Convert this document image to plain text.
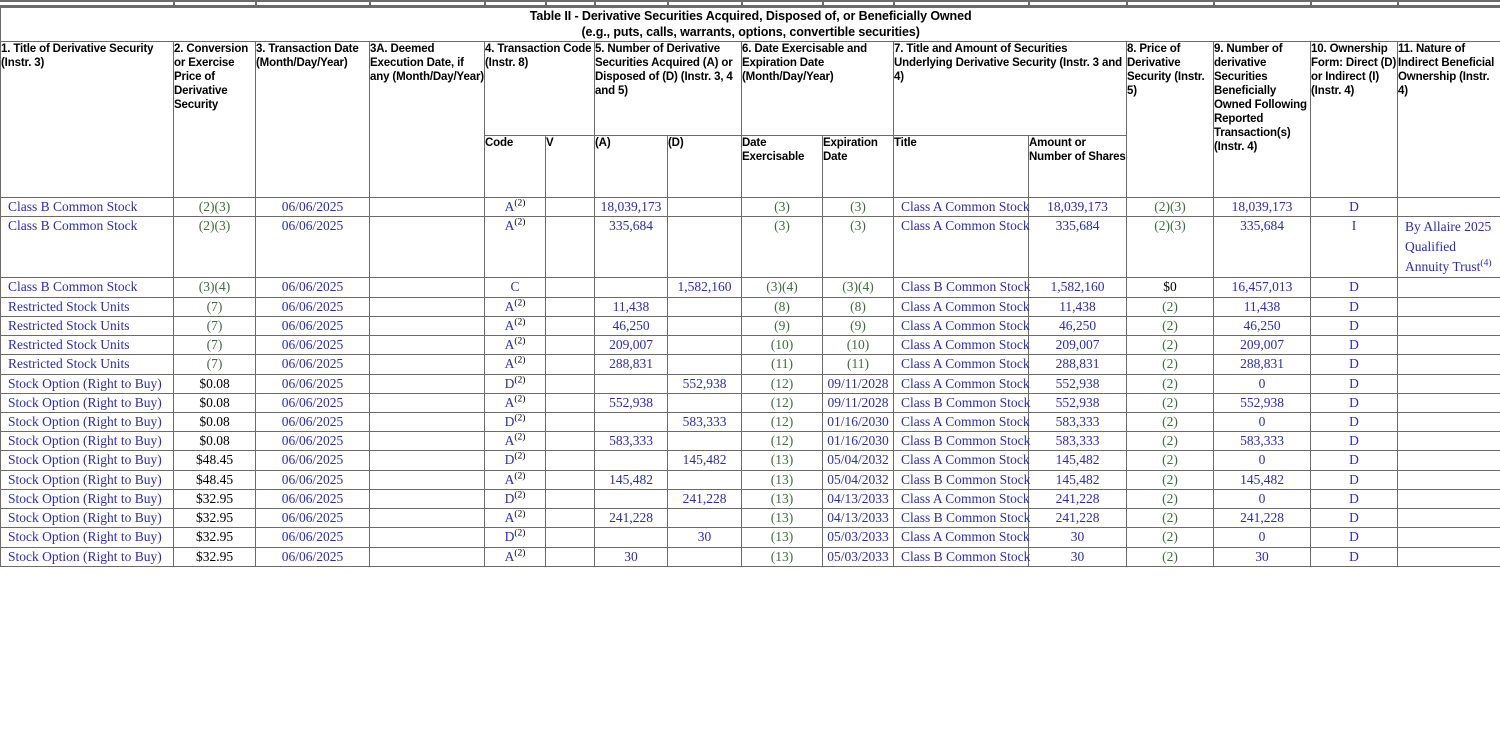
Table II - Derivative Securities Acquired, Disposed of, or Beneficially Owned
(e.g., puts, calls, warrants, options, convertible securities)															

1. Title of Derivative Security (Instr. 3)	2. Conversion or Exercise Price of Derivative Security	3. Transaction Date (Month/Day/Year)	3A. Deemed Execution Date, if any (Month/Day/Year)	4. Transaction Code (Instr. 8)		5. Number of Derivative Securities Acquired (A) or Disposed of (D) (Instr. 3, 4 and 5)		6. Date Exercisable and Expiration Date (Month/Day/Year)		7. Title and Amount of Securities Underlying Derivative Security (Instr. 3 and 4)		8. Price of Derivative Security (Instr. 5)	9. Number of derivative Securities Beneficially Owned Following Reported Transaction(s) (Instr. 4)	10. Ownership Form: Direct (D) or Indirect (I) (Instr. 4)	11. Nature of Indirect Beneficial Ownership (Instr. 4)
				Code	V	(A)	(D)	Date Exercisable	Expiration Date	Title	Amount or Number of Shares				
Class B Common Stock	(2)(3)	06/06/2025		A$^{(2)}$		18,039,173		(3)	(3)	Class A Common Stock	18,039,173	(2)(3)	18,039,173	D	
Class B Common Stock	(2)(3)	06/06/2025		A$^{(2)}$		335,684		(3)	(3)	Class A Common Stock	335,684	(2)(3)	335,684	I	By Allaire 2025 Qualified Annuity Trust$^{(4)}$
Class B Common Stock	(3)(4)	06/06/2025		C			1,582,160	(3)(4)	(3)(4)	Class B Common Stock	1,582,160	$0	16,457,013	D	
Restricted Stock Units	(7)	06/06/2025		A$^{(2)}$		11,438		(8)	(8)	Class A Common Stock	11,438	(2)	11,438	D	
Restricted Stock Units	(7)	06/06/2025		A$^{(2)}$		46,250		(9)	(9)	Class A Common Stock	46,250	(2)	46,250	D	
Restricted Stock Units	(7)	06/06/2025		A$^{(2)}$		209,007		(10)	(10)	Class A Common Stock	209,007	(2)	209,007	D	
Restricted Stock Units	(7)	06/06/2025		A$^{(2)}$		288,831		(11)	(11)	Class A Common Stock	288,831	(2)	288,831	D	
Stock Option (Right to Buy)	$0.08	06/06/2025		D$^{(2)}$			552,938	(12)	09/11/2028	Class A Common Stock	552,938	(2)	0	D	
Stock Option (Right to Buy)	$0.08	06/06/2025		A$^{(2)}$		552,938		(12)	09/11/2028	Class B Common Stock	552,938	(2)	552,938	D	
Stock Option (Right to Buy)	$0.08	06/06/2025		D$^{(2)}$			583,333	(12)	01/16/2030	Class A Common Stock	583,333	(2)	0	D	
Stock Option (Right to Buy)	$0.08	06/06/2025		A$^{(2)}$		583,333		(12)	01/16/2030	Class B Common Stock	583,333	(2)	583,333	D	
Stock Option (Right to Buy)	$48.45	06/06/2025		D$^{(2)}$			145,482	(13)	05/04/2032	Class A Common Stock	145,482	(2)	0	D	
Stock Option (Right to Buy)	$48.45	06/06/2025		A$^{(2)}$		145,482		(13)	05/04/2032	Class B Common Stock	145,482	(2)	145,482	D	
Stock Option (Right to Buy)	$32.95	06/06/2025		D$^{(2)}$			241,228	(13)	04/13/2033	Class A Common Stock	241,228	(2)	0	D	
Stock Option (Right to Buy)	$32.95	06/06/2025		A$^{(2)}$		241,228		(13)	04/13/2033	Class B Common Stock	241,228	(2)	241,228	D	
Stock Option (Right to Buy)	$32.95	06/06/2025		D$^{(2)}$			30	(13)	05/03/2033	Class A Common Stock	30	(2)	0	D	
Stock Option (Right to Buy)	$32.95	06/06/2025		A$^{(2)}$		30		(13)	05/03/2033	Class B Common Stock	30	(2)	30	D	
